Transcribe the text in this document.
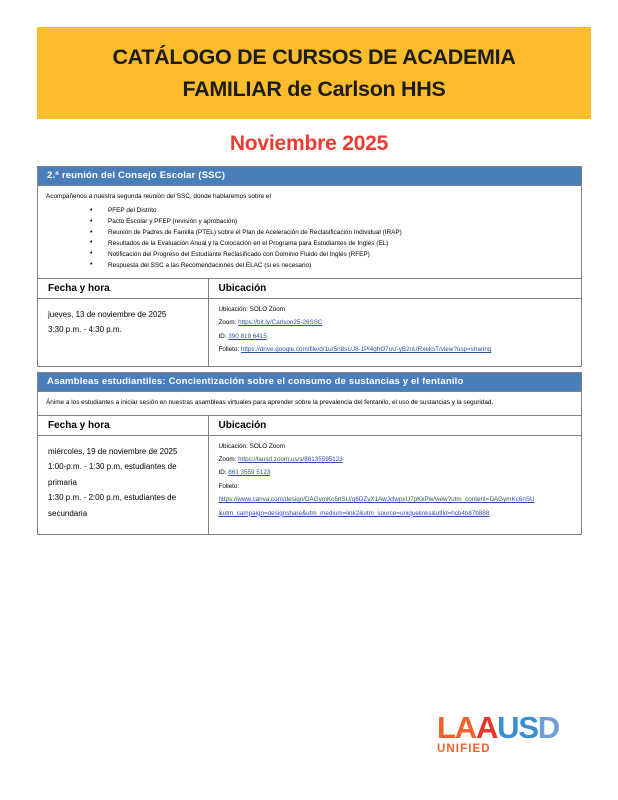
CATÁLOGO DE CURSOS DE ACADEMIA
FAMILIAR de Carlson HHS
Noviembre 2025
2.ª reunión del Consejo Escolar (SSC)
Acompáñenos a nuestra segunda reunión del SSC, donde hablaremos sobre el
• PFEP del Distrito
• Pacto Escolar y PFEP (revisión y aprobación)
• Reunión de Padres de Familia (PTEL) sobre el Plan de Aceleración de Reclasificación Individual (IRAP)
• Resultados de la Evaluación Anual y la Colocación en el Programa para Estudiantes de Inglés (EL)
• Notificación del Progreso del Estudiante Reclasificado con Dominio Fluido del Inglés (RFEP)
• Respuesta del SSC a las Recomendaciones del ELAC (si es necesario)
Fecha y hora	Ubicación

jueves, 13 de noviembre de 2025
3:30 p.m. - 4:30 p.m.

Ubicación: SOLO Zoom
Zoom: https://bit.ly/Carlson25-26SSC
ID: 390 819 6415
Folleto: https://drive.google.com/file/d/1ur5n8sUJ8-1Pl4ghO7uU-yB2nURxeksT/view?usp=sharing
Asambleas estudiantiles: Concientización sobre el consumo de sustancias y el fentanilo
Ánime a los estudiantes a iniciar sesión en nuestras asambleas virtuales para aprender sobre la prevalencia del fentanilo, el uso de sustancias y la seguridad.
Fecha y hora	Ubicación

miércoles, 19 de noviembre de 2025
1:00-p.m. - 1:30 p.m, estudiantes de primaria
1:30 p.m. - 2:00 p.m, estudiantes de secundaria

Ubicación: SOLO Zoom
Zoom: https://lausd.zoom.us/s/86135595123
ID: 861 3559 5123
Folleto:
https://www.canva.com/design/DAGymKc6nSU/q6DZvX1AwJclwpxU7pKkPw/view?utm_content=DAGymKc6nSU
&utm_campaign=designshare&utm_medium=link2&utm_source=uniquelinks&utlId=hcb4b87b888
LAAUSD
UNIFIED
